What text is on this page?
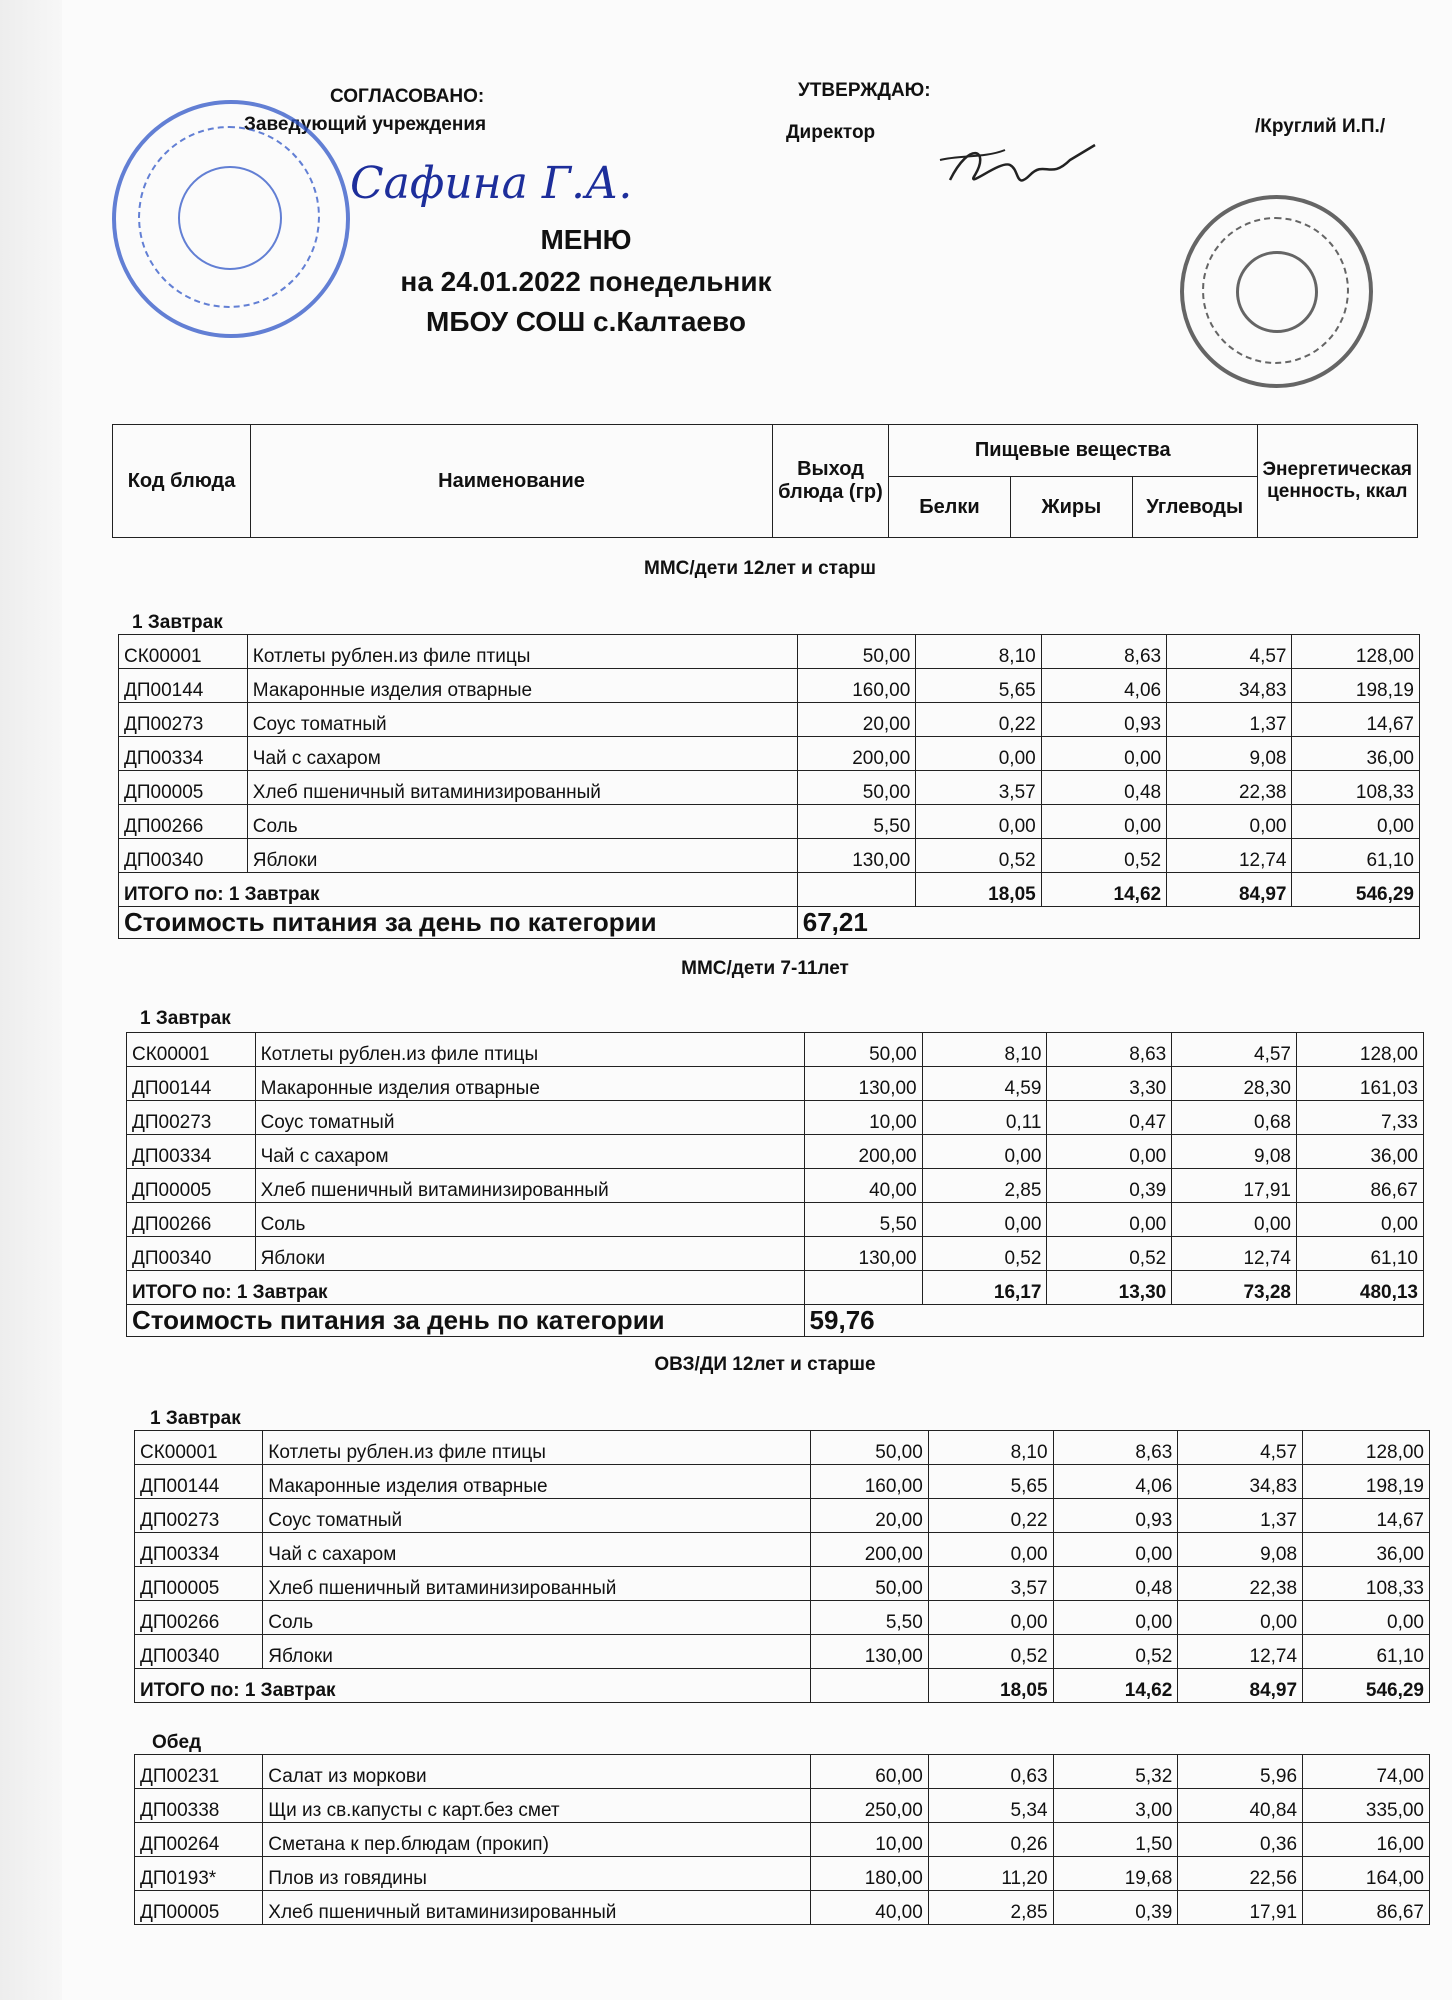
СОГЛАСОВАНО:
Заведующий учреждения
Сафина Г.А.
УТВЕРЖДАЮ:
Директор	/Круглий И.П./
МЕНЮ
на 24.01.2022 понедельник
МБОУ СОШ с.Калтаево
Код блюда	Наименование	Выход блюда (гр)	Пищевые вещества			Энергетическая ценность, ккал
			Белки	Жиры	Углеводы	
ММС/дети 12лет и старш
1 Завтрак
СК00001	Котлеты рублен.из филе птицы	50,00	8,10	8,63	4,57	128,00
ДП00144	Макаронные изделия отварные	160,00	5,65	4,06	34,83	198,19
ДП00273	Соус томатный	20,00	0,22	0,93	1,37	14,67
ДП00334	Чай с сахаром	200,00	0,00	0,00	9,08	36,00
ДП00005	Хлеб пшеничный витаминизированный	50,00	3,57	0,48	22,38	108,33
ДП00266	Соль	5,50	0,00	0,00	0,00	0,00
ДП00340	Яблоки	130,00	0,52	0,52	12,74	61,10
ИТОГО по: 1 Завтрак			18,05	14,62	84,97	546,29
Стоимость питания за день по категории		67,21				
ММС/дети 7-11лет
1 Завтрак
СК00001	Котлеты рублен.из филе птицы	50,00	8,10	8,63	4,57	128,00
ДП00144	Макаронные изделия отварные	130,00	4,59	3,30	28,30	161,03
ДП00273	Соус томатный	10,00	0,11	0,47	0,68	7,33
ДП00334	Чай с сахаром	200,00	0,00	0,00	9,08	36,00
ДП00005	Хлеб пшеничный витаминизированный	40,00	2,85	0,39	17,91	86,67
ДП00266	Соль	5,50	0,00	0,00	0,00	0,00
ДП00340	Яблоки	130,00	0,52	0,52	12,74	61,10
ИТОГО по: 1 Завтрак			16,17	13,30	73,28	480,13
Стоимость питания за день по категории		59,76				
ОВЗ/ДИ 12лет и старше
1 Завтрак
СК00001	Котлеты рублен.из филе птицы	50,00	8,10	8,63	4,57	128,00
ДП00144	Макаронные изделия отварные	160,00	5,65	4,06	34,83	198,19
ДП00273	Соус томатный	20,00	0,22	0,93	1,37	14,67
ДП00334	Чай с сахаром	200,00	0,00	0,00	9,08	36,00
ДП00005	Хлеб пшеничный витаминизированный	50,00	3,57	0,48	22,38	108,33
ДП00266	Соль	5,50	0,00	0,00	0,00	0,00
ДП00340	Яблоки	130,00	0,52	0,52	12,74	61,10
ИТОГО по: 1 Завтрак			18,05	14,62	84,97	546,29
Обед
ДП00231	Салат из моркови	60,00	0,63	5,32	5,96	74,00
ДП00338	Щи из св.капусты с карт.без смет	250,00	5,34	3,00	40,84	335,00
ДП00264	Сметана к пер.блюдам (прокип)	10,00	0,26	1,50	0,36	16,00
ДП0193*	Плов из говядины	180,00	11,20	19,68	22,56	164,00
ДП00005	Хлеб пшеничный витаминизированный	40,00	2,85	0,39	17,91	86,67
